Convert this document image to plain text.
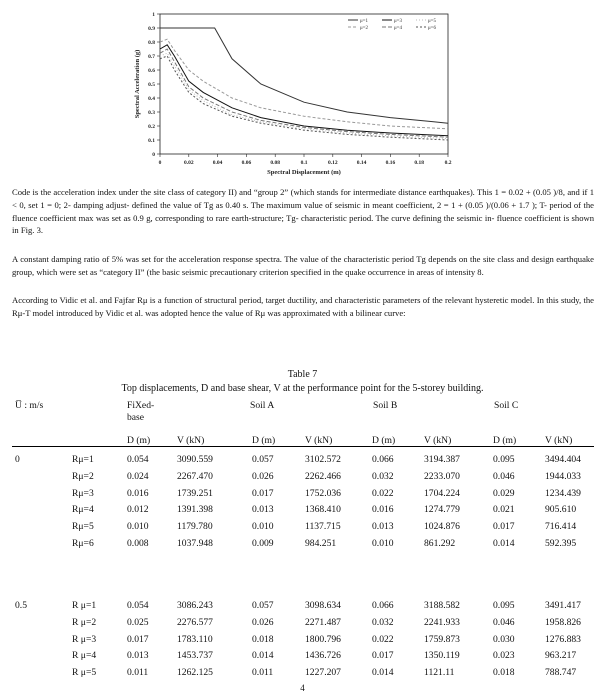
0	0.02	0.04	0.06	0.08	0.1	0.12	0.14	0.16	0.18	0.2
0
0.1
0.2
0.3
0.4
0.5
0.6
0.7
0.8
0.9
1
Spectral Displacement (m)
Spectral Acceleration (g)
μ=1
μ=2
μ=3
μ=4
μ=5
μ=6
Code is the acceleration index under the site class of category II) and “group 2” (which stands for intermediate distance earthquakes). This 1 = 0.02 + (0.05 )/8, and if 1 < 0, set 1 = 0; 2- damping adjust- defined the value of Tg as 0.40 s. The maximum value of seismic in meant coefficient, 2 = 1 + (0.05 )/(0.06 + 1.7 ); T- period of the fluence coefficient max was set as 0.9 g, corresponding to rare earth-structure; Tg- characteristic period. The curve defining the seismic in- fluence coefficient is shown in Fig. 3.
A constant damping ratio of 5% was set for the acceleration response spectra. The value of the characteristic period Tg depends on the site class and design earthquake group, which were set as “category II” (the basic seismic precautionary criterion specified in the quake occurrence in areas of intensity 8.
According to Vidic et al. and Fajfar Rμ is a function of structural period, target ductility, and characteristic parameters of the relevant hysteretic model. In this study, the Rμ-T model introduced by Vidic et al. was adopted hence the value of Rμ was approximated with a bilinear curve:
Table 7
Top displacements, D and base shear, V at the performance point for the 5-storey building.
U̅ : m/s	FiXed-base
Soil A	Soil B	Soil C
D (m)	V (kN)	D (m)	V (kN)	D (m)	V (kN)	D (m)	V (kN)
0	Rμ=1	0.054	3090.559	0.057	3102.572	0.066	3194.387	0.095	3494.404
Rμ=2	0.024	2267.470	0.026	2262.466	0.032	2233.070	0.046	1944.033
Rμ=3	0.016	1739.251	0.017	1752.036	0.022	1704.224	0.029	1234.439
Rμ=4	0.012	1391.398	0.013	1368.410	0.016	1274.779	0.021	905.610
Rμ=5	0.010	1179.780	0.010	1137.715	0.013	1024.876	0.017	716.414
Rμ=6	0.008	1037.948	0.009	984.251	0.010	861.292	0.014	592.395
0.5	R μ=1	0.054	3086.243	0.057	3098.634	0.066	3188.582	0.095	3491.417
R μ=2	0.025	2276.577	0.026	2271.487	0.032	2241.933	0.046	1958.826
R μ=3	0.017	1783.110	0.018	1800.796	0.022	1759.873	0.030	1276.883
R μ=4	0.013	1453.737	0.014	1436.726	0.017	1350.119	0.023	963.217
R μ=5	0.011	1262.125	0.011	1227.207	0.014	1121.11	0.018	788.747
4
